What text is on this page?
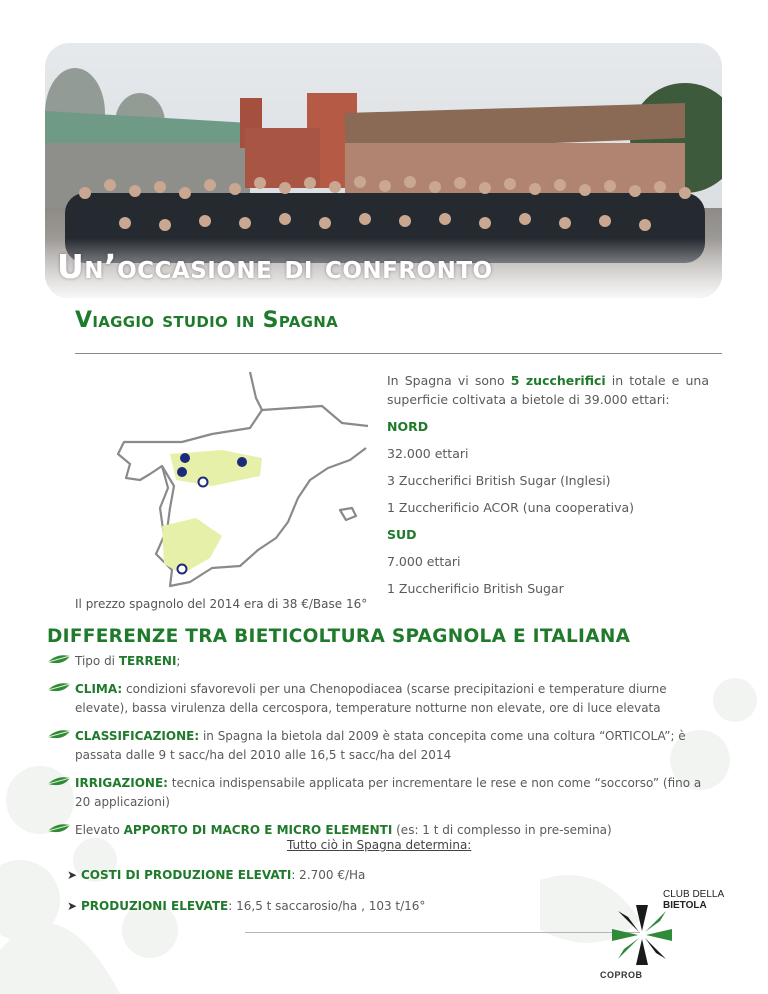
Un’occasione di confronto
Viaggio studio in Spagna

In Spagna vi sono 5 zuccherifici in totale e una superficie coltivata a bietole di 39.000 ettari:

NORD

32.000 ettari

3 Zuccherifici British Sugar (Inglesi)

1 Zuccherificio ACOR (una cooperativa)

SUD

7.000 ettari

1 Zuccherificio British Sugar

Il prezzo spagnolo del 2014 era di 38 €/Base 16°
DIFFERENZE TRA BIETICOLTURA SPAGNOLA E ITALIANA
Tipo di TERRENI;
CLIMA: condizioni sfavorevoli per una Chenopodiacea (scarse precipitazioni e temperature diurne elevate), bassa virulenza della cercospora, temperature notturne non elevate, ore di luce elevata
CLASSIFICAZIONE: in Spagna la bietola dal 2009 è stata concepita come una coltura “ORTICOLA”; è passata dalle 9 t sacc/ha del 2010 alle 16,5 t sacc/ha del 2014
IRRIGAZIONE: tecnica indispensabile applicata per incrementare le rese e non come “soccorso” (fino a 20 applicazioni)
Elevato APPORTO DI MACRO E MICRO ELEMENTI (es: 1 t di complesso in pre-semina)
Tutto ciò in Spagna determina:
➤ COSTI DI PRODUZIONE ELEVATI: 2.700 €/Ha
➤ PRODUZIONI ELEVATE: 16,5 t saccarosio/ha , 103 t/16°
CLUB DELLA
BIETOLA
COPROB
